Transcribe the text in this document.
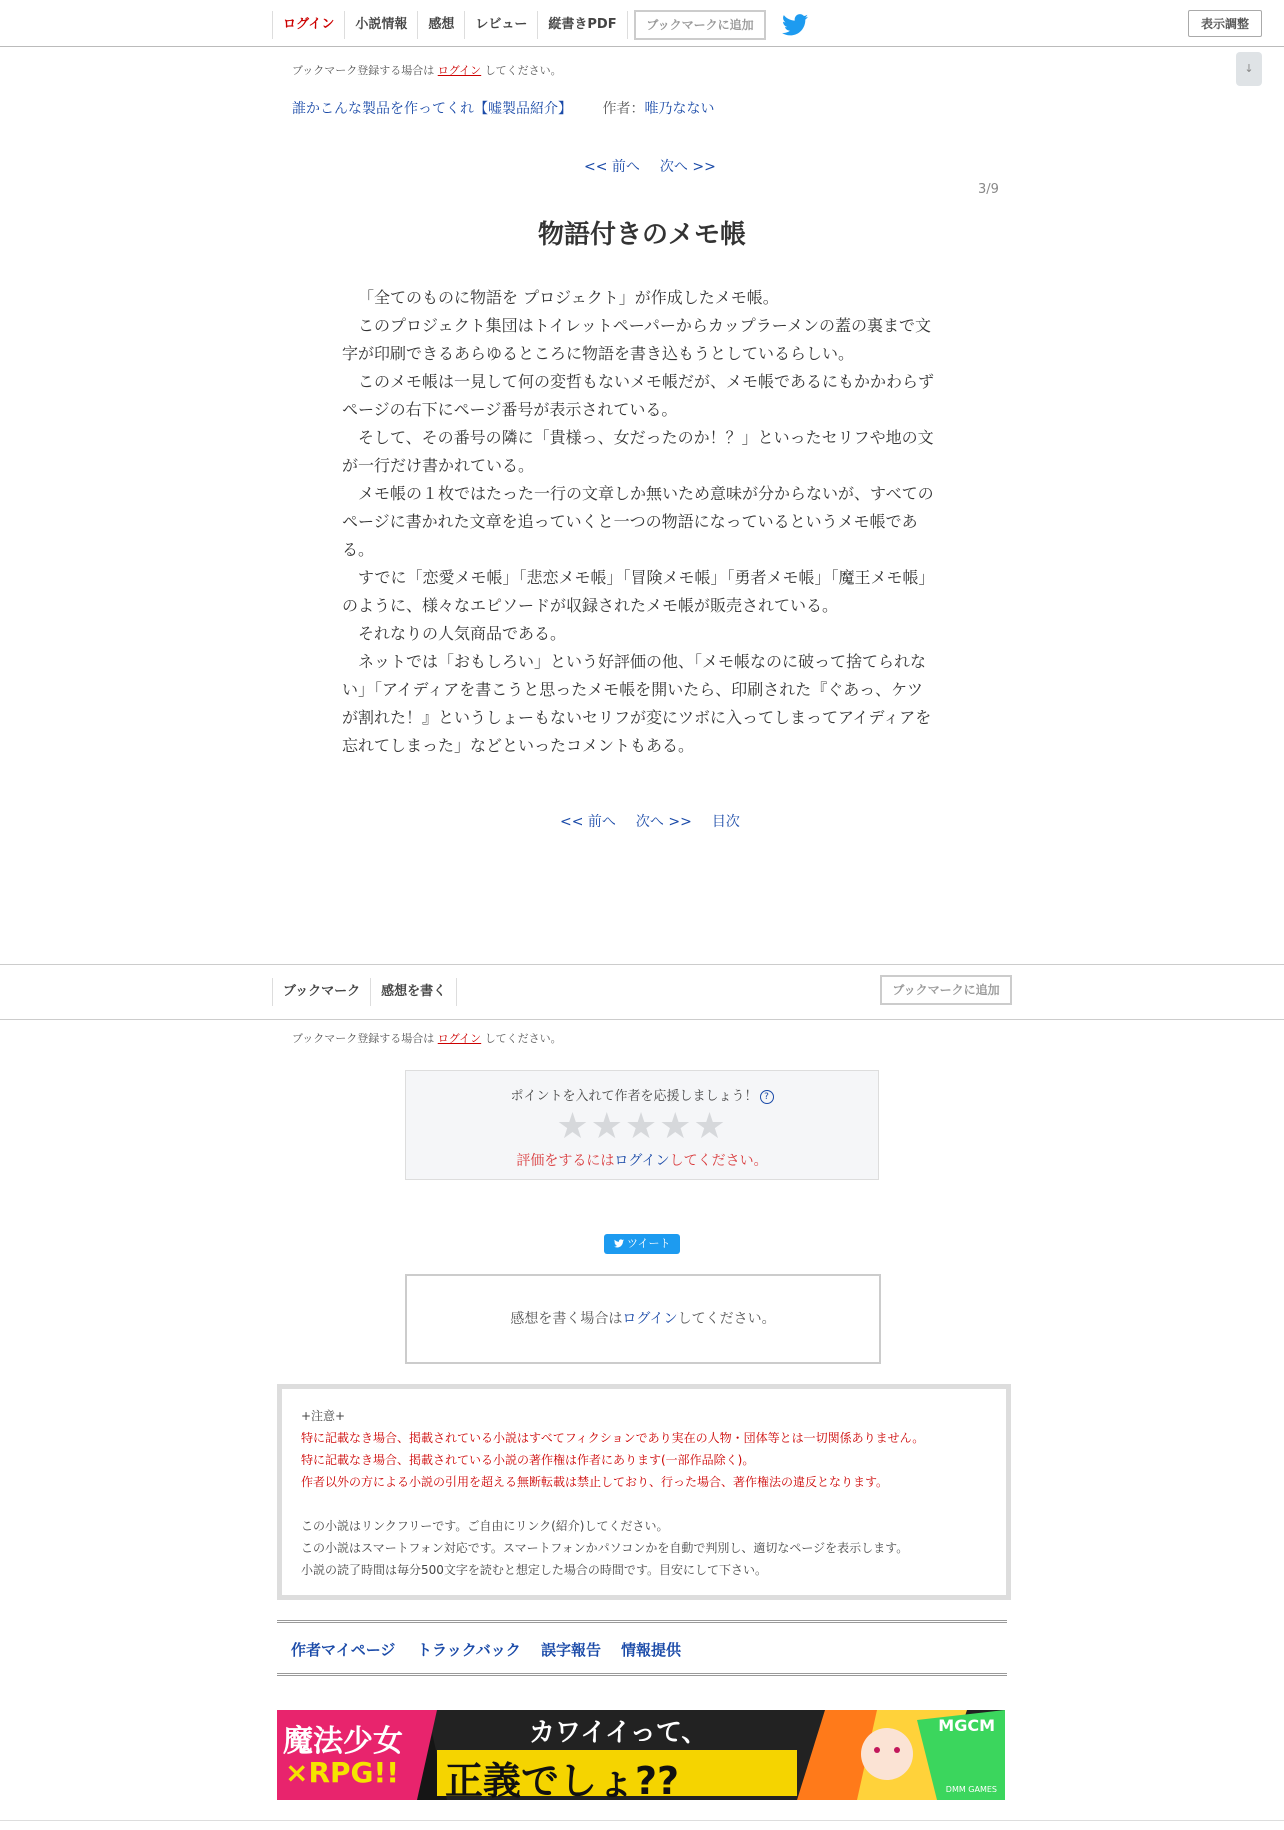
ログイン	小説情報	感想	レビュー	縦書きPDF	ブックマークに追加	表示調整
↓
ブックマーク登録する場合は ログイン してください。
誰かこんな製品を作ってくれ【嘘製品紹介】 作者：唯乃なない
<< 前へ 次へ >>
3/9
物語付きのメモ帳

「全てのものに物語を プロジェクト」が作成したメモ帳。

このプロジェクト集団はトイレットペーパーからカップラーメンの蓋の裏まで文字が印刷できるあらゆるところに物語を書き込もうとしているらしい。

このメモ帳は一見して何の変哲もないメモ帳だが、メモ帳であるにもかかわらずページの右下にページ番号が表示されている。

そして、その番号の隣に「貴様っ、女だったのか！？」といったセリフや地の文が一行だけ書かれている。

メモ帳の１枚ではたった一行の文章しか無いため意味が分からないが、すべてのページに書かれた文章を追っていくと一つの物語になっているというメモ帳である。

すでに「恋愛メモ帳」「悲恋メモ帳」「冒険メモ帳」「勇者メモ帳」「魔王メモ帳」のように、様々なエピソードが収録されたメモ帳が販売されている。

それなりの人気商品である。

ネットでは「おもしろい」という好評価の他、「メモ帳なのに破って捨てられない」「アイディアを書こうと思ったメモ帳を開いたら、印刷された『ぐあっ、ケツが割れた！』というしょーもないセリフが変にツボに入ってしまってアイディアを忘れてしまった」などといったコメントもある。

<< 前へ 次へ >> 目次
ブックマーク	感想を書く	ブックマークに追加
ブックマーク登録する場合は ログイン してください。
ポイントを入れて作者を応援しましょう！ ?
★★★★★
評価をするにはログインしてください。
ツイート
感想を書く場合はログインしてください。
+注意+
特に記載なき場合、掲載されている小説はすべてフィクションであり実在の人物・団体等とは一切関係ありません。
特に記載なき場合、掲載されている小説の著作権は作者にあります(一部作品除く)。
作者以外の方による小説の引用を超える無断転載は禁止しており、行った場合、著作権法の違反となります。
この小説はリンクフリーです。ご自由にリンク(紹介)してください。
この小説はスマートフォン対応です。スマートフォンかパソコンかを自動で判別し、適切なページを表示します。
小説の読了時間は毎分500文字を読むと想定した場合の時間です。目安にして下さい。
作者マイページ トラックバック 誤字報告 情報提供
魔法少女
×RPG!!
カワイイって、
正義でしょ??
MGCM
DMM GAMES
